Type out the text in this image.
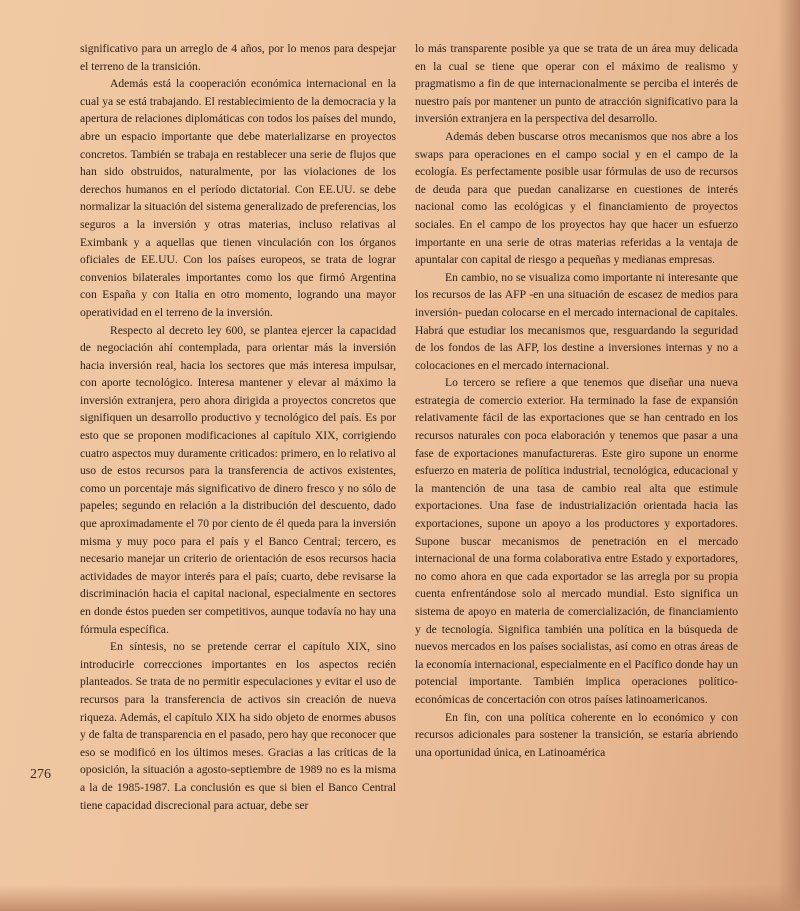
significativo para un arreglo de 4 años, por lo menos para despejar el terreno de la transición.

Además está la cooperación económica internacional en la cual ya se está trabajando. El restablecimiento de la democracia y la apertura de relaciones diplomáticas con todos los países del mundo, abre un espacio importante que debe materializarse en proyectos concretos. También se trabaja en restablecer una serie de flujos que han sido obstruidos, naturalmente, por las violaciones de los derechos humanos en el período dictatorial. Con EE.UU. se debe normalizar la situación del sistema generalizado de preferencias, los seguros a la inversión y otras materias, incluso relativas al Eximbank y a aquellas que tienen vinculación con los órganos oficiales de EE.UU. Con los países europeos, se trata de lograr convenios bilaterales importantes como los que firmó Argentina con España y con Italia en otro momento, logrando una mayor operatividad en el terreno de la inversión.

Respecto al decreto ley 600, se plantea ejercer la capacidad de negociación ahí contemplada, para orientar más la inversión hacia inversión real, hacia los sectores que más interesa impulsar, con aporte tecnológico. Interesa mantener y elevar al máximo la inversión extranjera, pero ahora dirigida a proyectos concretos que signifiquen un desarrollo productivo y tecnológico del país. Es por esto que se proponen modificaciones al capítulo XIX, corrigiendo cuatro aspectos muy duramente criticados: primero, en lo relativo al uso de estos recursos para la transferencia de activos existentes, como un porcentaje más significativo de dinero fresco y no sólo de papeles; segundo en relación a la distribución del descuento, dado que aproximadamente el 70 por ciento de él queda para la inversión misma y muy poco para el país y el Banco Central; tercero, es necesario manejar un criterio de orientación de esos recursos hacia actividades de mayor interés para el país; cuarto, debe revisarse la discriminación hacia el capital nacional, especialmente en sectores en donde éstos pueden ser competitivos, aunque todavía no hay una fórmula específica.

En síntesis, no se pretende cerrar el capítulo XIX, sino introducirle correcciones importantes en los aspectos recién planteados. Se trata de no permitir especulaciones y evitar el uso de recursos para la transferencia de activos sin creación de nueva riqueza. Además, el capítulo XIX ha sido objeto de enormes abusos y de falta de transparencia en el pasado, pero hay que reconocer que eso se modificó en los últimos meses. Gracias a las críticas de la oposición, la situación a agosto-septiembre de 1989 no es la misma a la de 1985-1987. La conclusión es que si bien el Banco Central tiene capacidad discrecional para actuar, debe ser

lo más transparente posible ya que se trata de un área muy delicada en la cual se tiene que operar con el máximo de realismo y pragmatismo a fin de que internacionalmente se perciba el interés de nuestro país por mantener un punto de atracción significativo para la inversión extranjera en la perspectiva del desarrollo.

Además deben buscarse otros mecanismos que nos abre a los swaps para operaciones en el campo social y en el campo de la ecología. Es perfectamente posible usar fórmulas de uso de recursos de deuda para que puedan canalizarse en cuestiones de interés nacional como las ecológicas y el financiamiento de proyectos sociales. En el campo de los proyectos hay que hacer un esfuerzo importante en una serie de otras materias referidas a la ventaja de apuntalar con capital de riesgo a pequeñas y medianas empresas.

En cambio, no se visualiza como importante ni interesante que los recursos de las AFP -en una situación de escasez de medios para inversión- puedan colocarse en el mercado internacional de capitales. Habrá que estudiar los mecanismos que, resguardando la seguridad de los fondos de las AFP, los destine a inversiones internas y no a colocaciones en el mercado internacional.

Lo tercero se refiere a que tenemos que diseñar una nueva estrategia de comercio exterior. Ha terminado la fase de expansión relativamente fácil de las exportaciones que se han centrado en los recursos naturales con poca elaboración y tenemos que pasar a una fase de exportaciones manufactureras. Este giro supone un enorme esfuerzo en materia de política industrial, tecnológica, educacional y la mantención de una tasa de cambio real alta que estimule exportaciones. Una fase de industrialización orientada hacia las exportaciones, supone un apoyo a los productores y exportadores. Supone buscar mecanismos de penetración en el mercado internacional de una forma colaborativa entre Estado y exportadores, no como ahora en que cada exportador se las arregla por su propia cuenta enfrentándose solo al mercado mundial. Esto significa un sistema de apoyo en materia de comercialización, de financiamiento y de tecnología. Significa también una política en la búsqueda de nuevos mercados en los países socialistas, así como en otras áreas de la economía internacional, especialmente en el Pacífico donde hay un potencial importante. También implica operaciones político-económicas de concertación con otros países latinoamericanos.

En fin, con una política coherente en lo económico y con recursos adicionales para sostener la transición, se estaría abriendo una oportunidad única, en Latinoamérica

276
